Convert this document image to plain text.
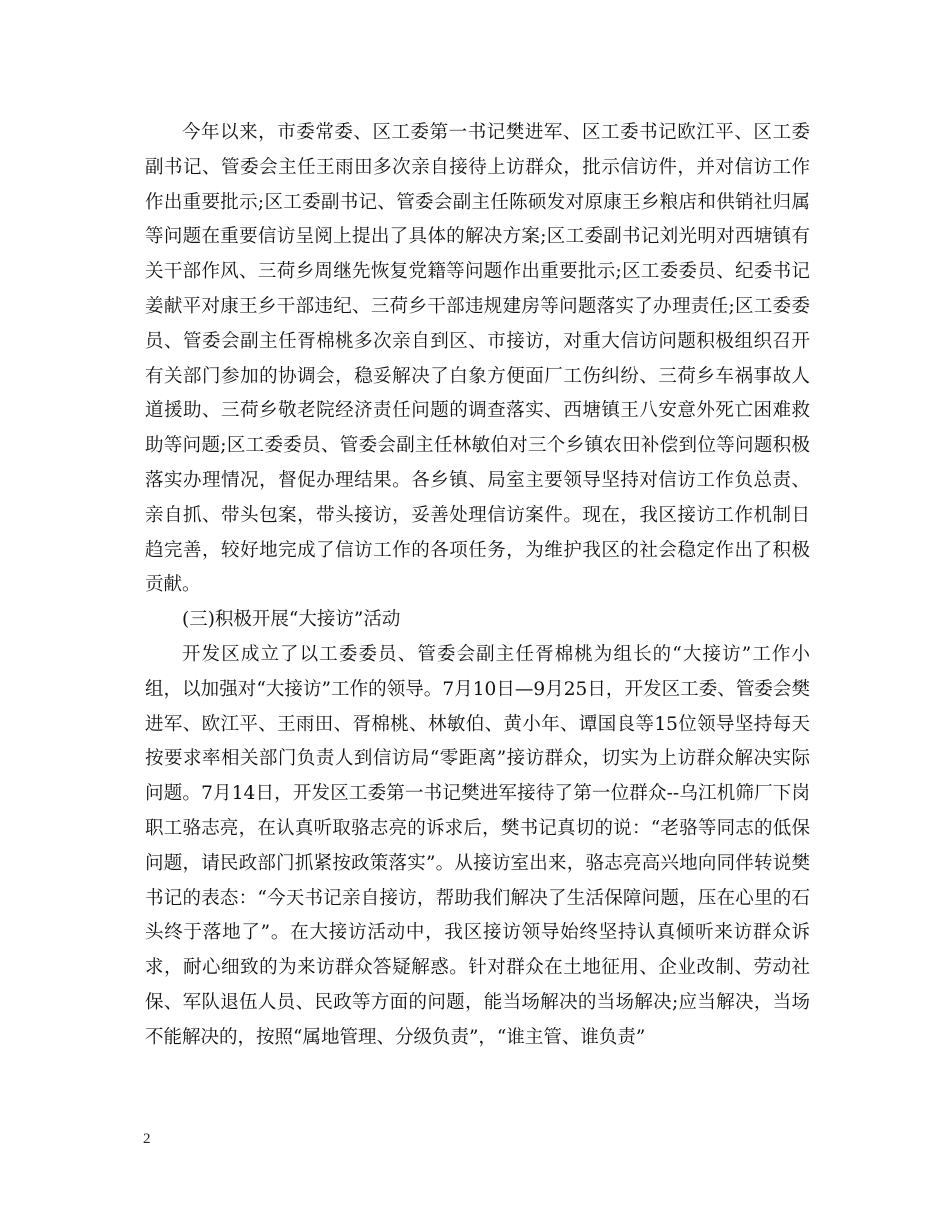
今年以来，市委常委、区工委第一书记樊进军、区工委书记欧江平、区工委副书记、管委会主任王雨田多次亲自接待上访群众，批示信访件，并对信访工作作出重要批示;区工委副书记、管委会副主任陈硕发对原康王乡粮店和供销社归属等问题在重要信访呈阅上提出了具体的解决方案;区工委副书记刘光明对西塘镇有关干部作风、三荷乡周继先恢复党籍等问题作出重要批示;区工委委员、纪委书记姜献平对康王乡干部违纪、三荷乡干部违规建房等问题落实了办理责任;区工委委员、管委会副主任胥棉桃多次亲自到区、市接访，对重大信访问题积极组织召开有关部门参加的协调会，稳妥解决了白象方便面厂工伤纠纷、三荷乡车祸事故人道援助、三荷乡敬老院经济责任问题的调查落实、西塘镇王八安意外死亡困难救助等问题;区工委委员、管委会副主任林敏伯对三个乡镇农田补偿到位等问题积极落实办理情况，督促办理结果。各乡镇、局室主要领导坚持对信访工作负总责、亲自抓、带头包案，带头接访，妥善处理信访案件。现在，我区接访工作机制日趋完善，较好地完成了信访工作的各项任务，为维护我区的社会稳定作出了积极贡献。

(三)积极开展“大接访”活动

开发区成立了以工委委员、管委会副主任胥棉桃为组长的“大接访”工作小组，以加强对“大接访”工作的领导。7月10日—9月25日，开发区工委、管委会樊进军、欧江平、王雨田、胥棉桃、林敏伯、黄小年、谭国良等15位领导坚持每天按要求率相关部门负责人到信访局“零距离”接访群众，切实为上访群众解决实际问题。7月14日，开发区工委第一书记樊进军接待了第一位群众--乌江机筛厂下岗职工骆志亮，在认真听取骆志亮的诉求后，樊书记真切的说：“老骆等同志的低保问题，请民政部门抓紧按政策落实”。从接访室出来，骆志亮高兴地向同伴转说樊书记的表态：“今天书记亲自接访，帮助我们解决了生活保障问题，压在心里的石头终于落地了”。在大接访活动中，我区接访领导始终坚持认真倾听来访群众诉求，耐心细致的为来访群众答疑解惑。针对群众在土地征用、企业改制、劳动社保、军队退伍人员、民政等方面的问题，能当场解决的当场解决;应当解决，当场不能解决的，按照“属地管理、分级负责”，“谁主管、谁负责”

2
